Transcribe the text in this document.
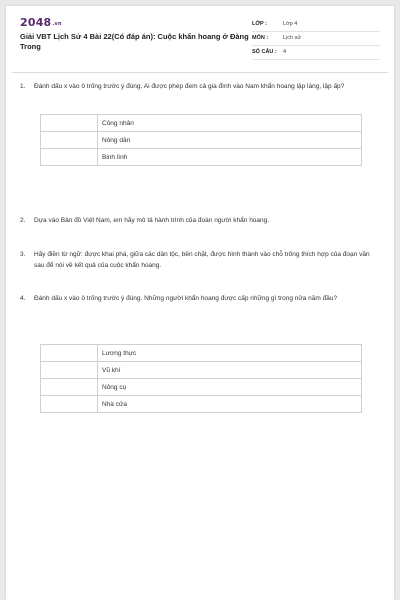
2048.vn
Giải VBT Lịch Sử 4 Bài 22(Có đáp án): Cuộc khẩn hoang ở Đàng Trong
LỚP :	Lớp 4
MÔN :	Lịch sử
SỐ CÂU : 4
1.	Đánh dấu x vào ô trống trước ý đúng. Ai được phép đem cả gia đình vào Nam khẩn hoang lập làng, lập ấp?
	Công nhân
	Nông dân
	Binh lính
2.	Dựa vào Bản đồ Việt Nam, em hãy mô tả hành trình của đoàn người khẩn hoang.
3.	Hãy điền từ ngữ: được khai phá, giữa các dân tộc, bền chặt, được hình thành vào chỗ trống thích hợp của đoạn văn sau để nói về kết quả của cuộc khẩn hoang.
4.	Đánh dấu x vào ô trống trước ý đúng. Những người khẩn hoang được cấp những gì trong nửa năm đầu?
	Lương thực
	Vũ khí
	Nông cụ
	Nhà cửa
